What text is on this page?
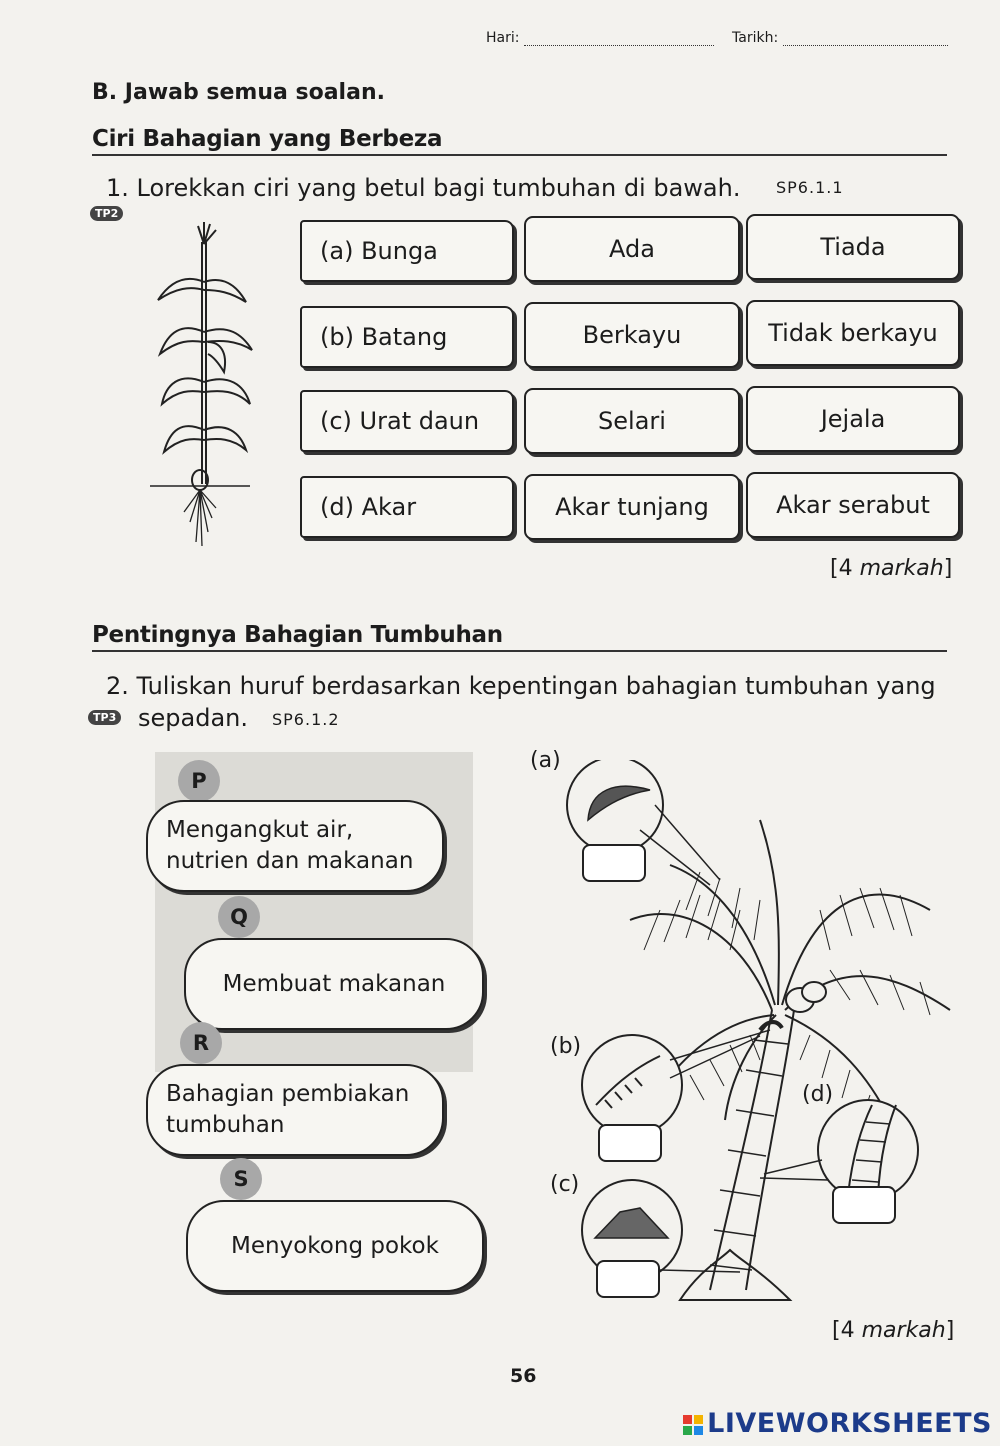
Hari:	Tarikh:
B. Jawab semua soalan.
Ciri Bahagian yang Berbeza
1. Lorekkan ciri yang betul bagi tumbuhan di bawah. SP6.1.1
TP2
(a) Bunga	Ada	Tiada
(b) Batang	Berkayu	Tidak berkayu
(c) Urat daun	Selari	Jejala
(d) Akar	Akar tunjang	Akar serabut
[4 markah]
Pentingnya Bahagian Tumbuhan
2. Tuliskan huruf berdasarkan kepentingan bahagian tumbuhan yang
TP3 sepadan. SP6.1.2
P
Mengangkut air, nutrien dan makanan
Q
Membuat makanan
R
Bahagian pembiakan tumbuhan
S
Menyokong pokok
(a)
(b)
(c)
(d)
[4 markah]
56
LIVEWORKSHEETS
